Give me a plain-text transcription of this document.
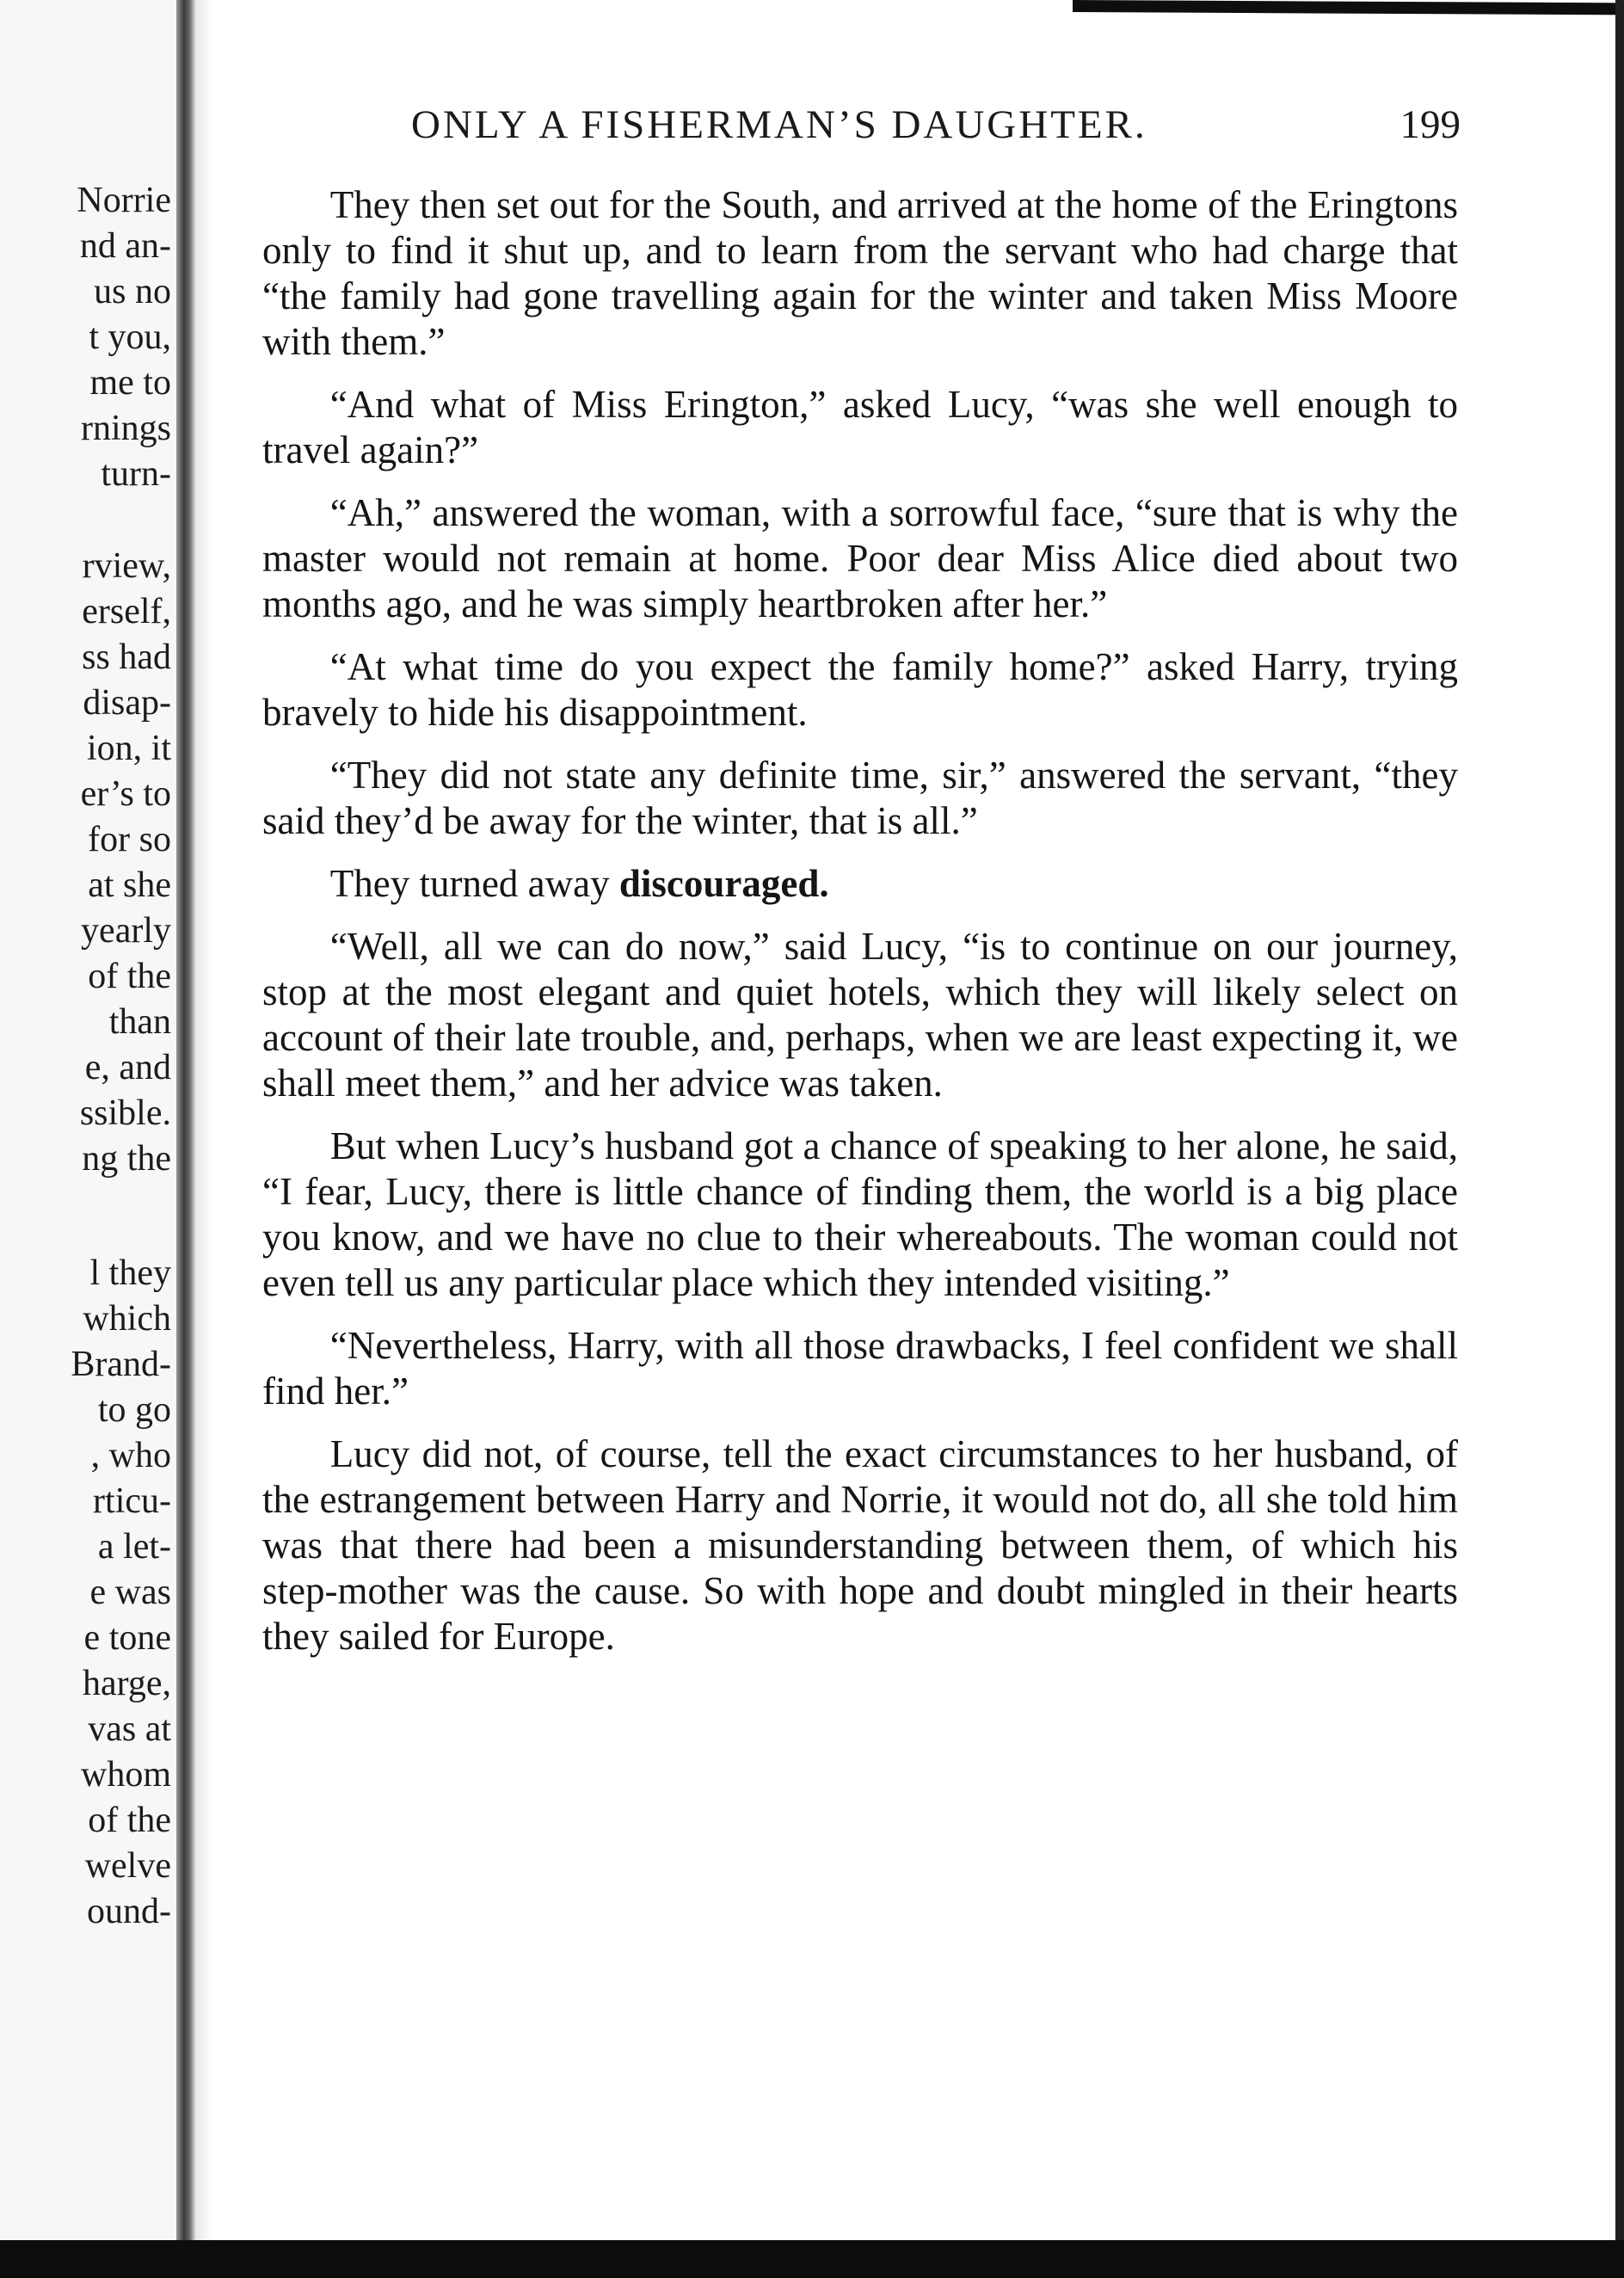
Norrie
nd an-
us no
t you,
me to
rnings
turn-
rview,
erself,
ss had
disap-
ion, it
er’s to
for so
at she
yearly
of the
than
e, and
ssible.
ng the
l they
which
Brand-
to go
, who
rticu-
a let-
e was
e tone
harge,
vas at
whom
of the
welve
ound-
ONLY A FISHERMAN’S DAUGHTER.	199

They then set out for the South, and arrived at the home of the Eringtons only to find it shut up, and to learn from the servant who had charge that “the family had gone travelling again for the winter and taken Miss Moore with them.”

“And what of Miss Erington,” asked Lucy, “was she well enough to travel again?”

“Ah,” answered the woman, with a sorrowful face, “sure that is why the master would not remain at home. Poor dear Miss Alice died about two months ago, and he was simply heartbroken after her.”

“At what time do you expect the family home?” asked Harry, trying bravely to hide his disappointment.

“They did not state any definite time, sir,” answered the servant, “they said they’d be away for the winter, that is all.”

They turned away discouraged.

“Well, all we can do now,” said Lucy, “is to continue on our journey, stop at the most elegant and quiet hotels, which they will likely select on account of their late trouble, and, perhaps, when we are least expecting it, we shall meet them,” and her advice was taken.

But when Lucy’s husband got a chance of speaking to her alone, he said, “I fear, Lucy, there is little chance of finding them, the world is a big place you know, and we have no clue to their whereabouts. The woman could not even tell us any particular place which they intended visiting.”

“Nevertheless, Harry, with all those drawbacks, I feel confident we shall find her.”

Lucy did not, of course, tell the exact circumstances to her husband, of the estrangement between Harry and Norrie, it would not do, all she told him was that there had been a misunderstanding between them, of which his step-mother was the cause. So with hope and doubt mingled in their hearts they sailed for Europe.
